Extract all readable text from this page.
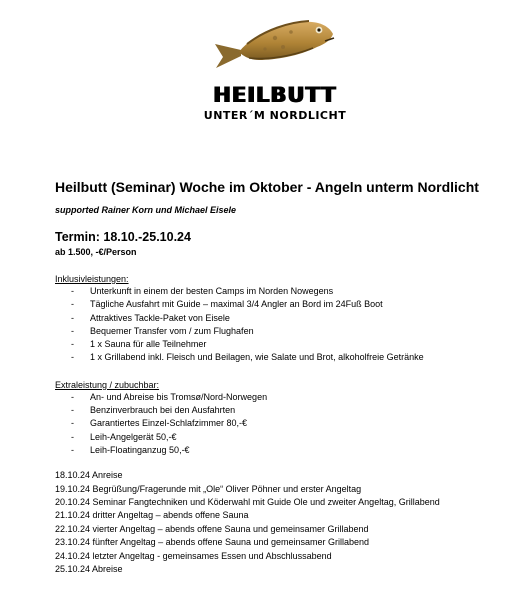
HEILBUTT
UNTER´M NORDLICHT
Heilbutt (Seminar) Woche im Oktober - Angeln unterm Nordlicht
supported Rainer Korn und Michael Eisele
Termin: 18.10.-25.10.24
ab 1.500, -€/Person
Inklusivleistungen:
- Unterkunft in einem der besten Camps im Norden Nowegens
- Tägliche Ausfahrt mit Guide – maximal 3/4 Angler an Bord im 24Fuß Boot
- Attraktives Tackle-Paket von Eisele
- Bequemer Transfer vom / zum Flughafen
- 1 x Sauna für alle Teilnehmer
- 1 x Grillabend inkl. Fleisch und Beilagen, wie Salate und Brot, alkoholfreie Getränke
Extraleistung / zubuchbar:
- An- und Abreise bis Tromsø/Nord-Norwegen
- Benzinverbrauch bei den Ausfahrten
- Garantiertes Einzel-Schlafzimmer 80,-€
- Leih-Angelgerät 50,-€
- Leih-Floatinganzug 50,-€
18.10.24 Anreise
19.10.24 Begrüßung/Fragerunde mit „Ole“ Oliver Pöhner und erster Angeltag
20.10.24 Seminar Fangtechniken und Köderwahl mit Guide Ole und zweiter Angeltag, Grillabend
21.10.24 dritter Angeltag – abends offene Sauna
22.10.24 vierter Angeltag – abends offene Sauna und gemeinsamer Grillabend
23.10.24 fünfter Angeltag – abends offene Sauna und gemeinsamer Grillabend
24.10.24 letzter Angeltag - gemeinsames Essen und Abschlussabend
25.10.24 Abreise
